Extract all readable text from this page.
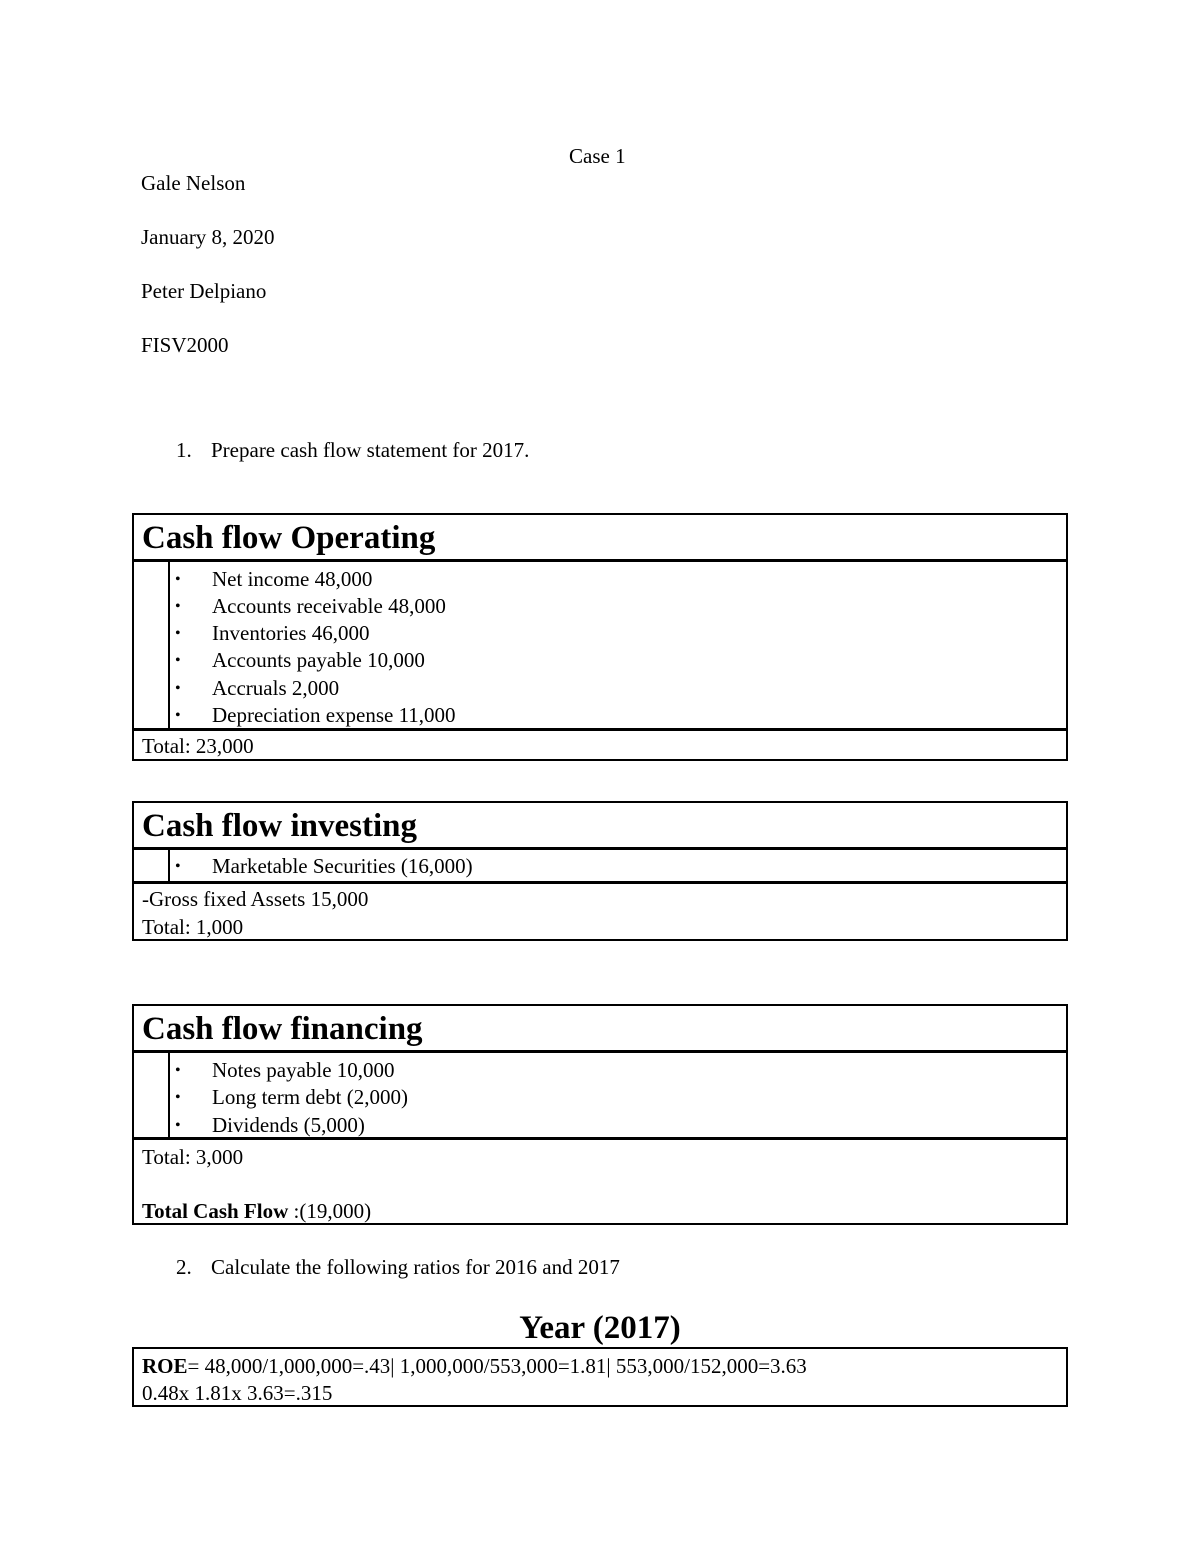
Case 1
Gale Nelson
January 8, 2020
Peter Delpiano
FISV2000
1. Prepare cash flow statement for 2017.
Cash flow Operating
• Net income 48,000
• Accounts receivable 48,000
• Inventories 46,000
• Accounts payable 10,000
• Accruals 2,000
• Depreciation expense 11,000
Total: 23,000
Cash flow investing
• Marketable Securities (16,000)
-Gross fixed Assets 15,000
Total: 1,000
Cash flow financing
• Notes payable 10,000
• Long term debt (2,000)
• Dividends (5,000)
Total: 3,000
Total Cash Flow :(19,000)
2. Calculate the following ratios for 2016 and 2017
Year (2017)
ROE= 48,000/1,000,000=.43| 1,000,000/553,000=1.81| 553,000/152,000=3.63
0.48x 1.81x 3.63=.315
